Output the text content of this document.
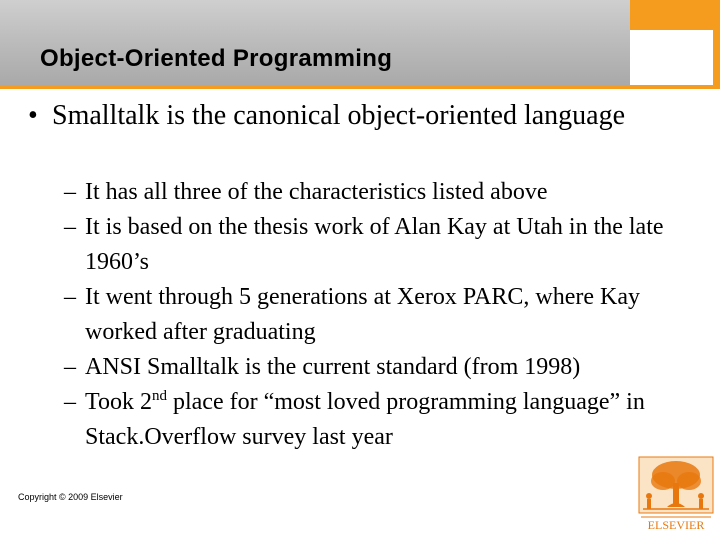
Object-Oriented Programming
• Smalltalk is the canonical object-oriented language
– It has all three of the characteristics listed above
– It is based on the thesis work of Alan Kay at Utah in the late 1960’s
– It went through 5 generations at Xerox PARC, where Kay worked after graduating
– ANSI Smalltalk is the current standard (from 1998)
– Took 2nd place for “most loved programming language” in Stack.Overflow survey last year
Copyright © 2009 Elsevier
ELSEVIER
